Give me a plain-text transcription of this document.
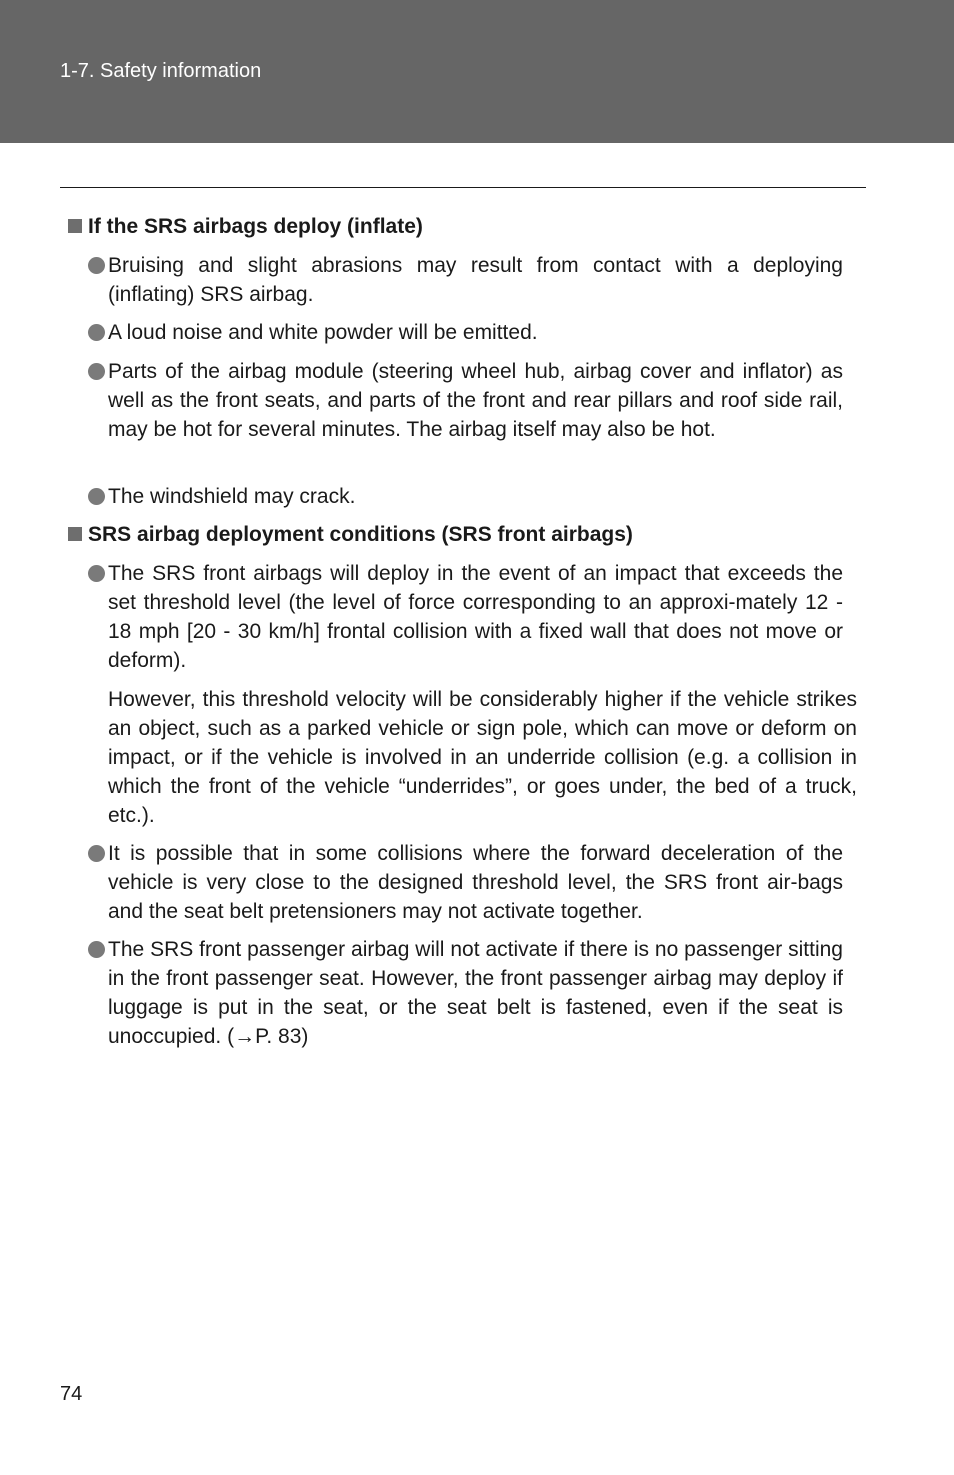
1-7. Safety information
If the SRS airbags deploy (inflate)
Bruising and slight abrasions may result from contact with a deploying (inflating) SRS airbag.
A loud noise and white powder will be emitted.
Parts of the airbag module (steering wheel hub, airbag cover and inflator) as well as the front seats, and parts of the front and rear pillars and roof side rail, may be hot for several minutes. The airbag itself may also be hot.
The windshield may crack.
SRS airbag deployment conditions (SRS front airbags)
The SRS front airbags will deploy in the event of an impact that exceeds the set threshold level (the level of force corresponding to an approxi-mately 12 - 18 mph [20 - 30 km/h] frontal collision with a fixed wall that does not move or deform).
However, this threshold velocity will be considerably higher if the vehicle strikes an object, such as a parked vehicle or sign pole, which can move or deform on impact, or if the vehicle is involved in an underride collision (e.g. a collision in which the front of the vehicle “underrides”, or goes under, the bed of a truck, etc.).
It is possible that in some collisions where the forward deceleration of the vehicle is very close to the designed threshold level, the SRS front air-bags and the seat belt pretensioners may not activate together.
The SRS front passenger airbag will not activate if there is no passenger sitting in the front passenger seat. However, the front passenger airbag may deploy if luggage is put in the seat, or the seat belt is fastened, even if the seat is unoccupied. (→P. 83)
74
